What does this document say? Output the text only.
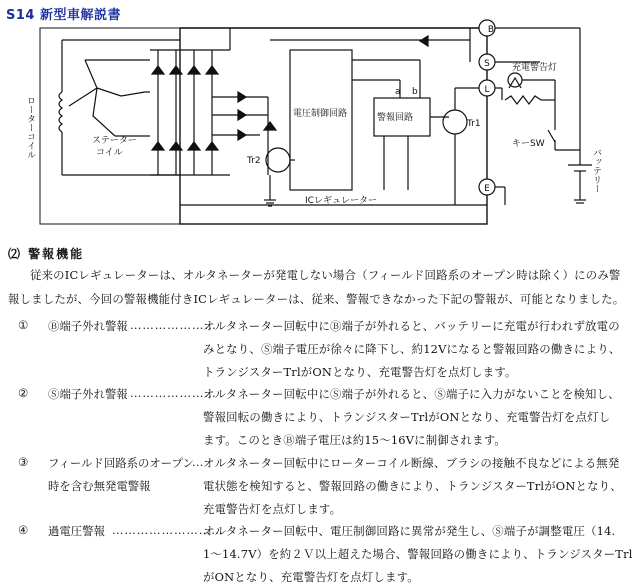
S14 新型車解説書
B
S
L
E
ローターコイル	ステーター
コイル
電圧制御回路	警報回路
a b
Tr1
Tr2
ICレギュレーター
充電警告灯
キーSW
バッテリー
⑵ 警報機能
従来のICレギュレーターは、オルタネーターが発電しない場合（フィールド回路系のオープン時は除く）にのみ警
報しましたが、今回の警報機能付きICレギュレーターは、従来、警報できなかった下記の警報が、可能となりました。
①	Ⓑ端子外れ警報 …………………
オルタネーター回転中にⒷ端子が外れると、バッテリーに充電が行われず放電の
みとなり、Ⓢ端子電圧が徐々に降下し、約12Vになると警報回路の働きにより、
トランジスターTrlがONとなり、充電警告灯を点灯します。
②	Ⓢ端子外れ警報 …………………
オルタネーター回転中にⓈ端子が外れると、Ⓢ端子に入力がないことを検知し、
警報回転の働きにより、トランジスターTrlがONとなり、充電警告灯を点灯し
ます。このときⒷ端子電圧は約15～16Vに制御されます。
③	フィールド回路系のオープン
…
時を含む無発電警報
オルタネーター回転中にローターコイル断線、ブラシの接触不良などによる無発
電状態を検知すると、警報回路の働きにより、トランジスターTrlがONとなり、
充電警告灯を点灯します。
④	過電圧警報 ………………………
オルタネーター回転中、電圧制御回路に異常が発生し、Ⓢ端子が調整電圧（14.
1～14.7V）を約２Ｖ以上超えた場合、警報回路の働きにより、トランジスターTrl
がONとなり、充電警告灯を点灯します。
